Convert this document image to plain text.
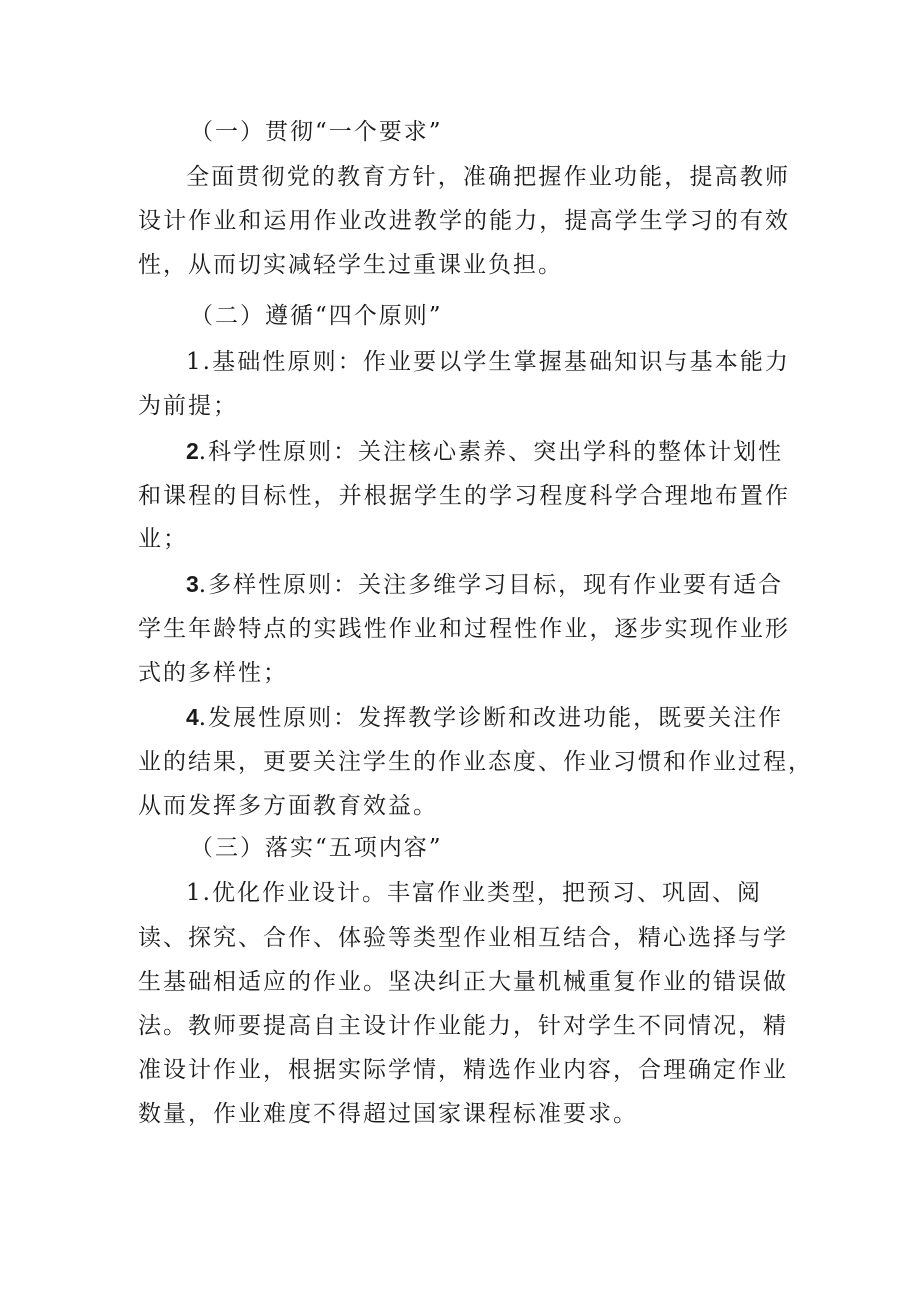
（一）贯彻“一个要求”
全面贯彻党的教育方针，准确把握作业功能，提高教师
设计作业和运用作业改进教学的能力，提高学生学习的有效
性，从而切实减轻学生过重课业负担。
（二）遵循“四个原则”
1.基础性原则：作业要以学生掌握基础知识与基本能力
为前提；
2.科学性原则：关注核心素养、突出学科的整体计划性
和课程的目标性，并根据学生的学习程度科学合理地布置作
业；
3.多样性原则：关注多维学习目标，现有作业要有适合
学生年龄特点的实践性作业和过程性作业，逐步实现作业形
式的多样性；
4.发展性原则：发挥教学诊断和改进功能，既要关注作
业的结果，更要关注学生的作业态度、作业习惯和作业过程，
从而发挥多方面教育效益。
（三）落实“五项内容”
1.优化作业设计。丰富作业类型，把预习、巩固、阅
读、探究、合作、体验等类型作业相互结合，精心选择与学
生基础相适应的作业。坚决纠正大量机械重复作业的错误做
法。教师要提高自主设计作业能力，针对学生不同情况，精
准设计作业，根据实际学情，精选作业内容，合理确定作业
数量，作业难度不得超过国家课程标准要求。
